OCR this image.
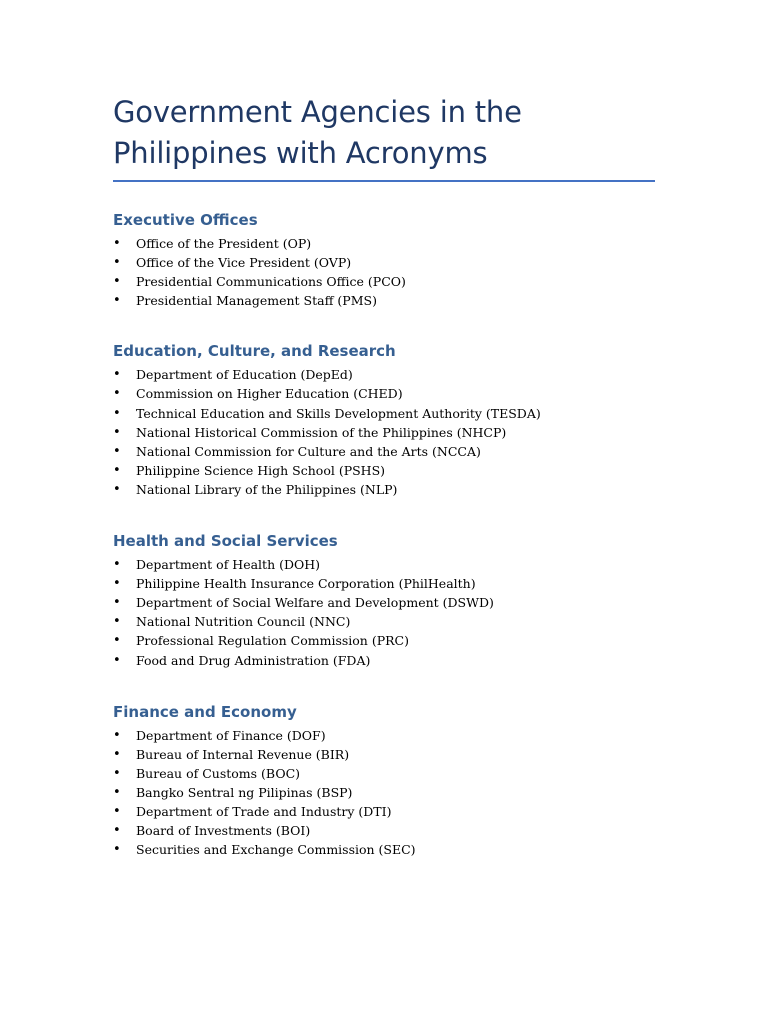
Government Agencies in the Philippines with Acronyms
Executive Offices
• Office of the President (OP)
• Office of the Vice President (OVP)
• Presidential Communications Office (PCO)
• Presidential Management Staff (PMS)
Education, Culture, and Research
• Department of Education (DepEd)
• Commission on Higher Education (CHED)
• Technical Education and Skills Development Authority (TESDA)
• National Historical Commission of the Philippines (NHCP)
• National Commission for Culture and the Arts (NCCA)
• Philippine Science High School (PSHS)
• National Library of the Philippines (NLP)
Health and Social Services
• Department of Health (DOH)
• Philippine Health Insurance Corporation (PhilHealth)
• Department of Social Welfare and Development (DSWD)
• National Nutrition Council (NNC)
• Professional Regulation Commission (PRC)
• Food and Drug Administration (FDA)
Finance and Economy
• Department of Finance (DOF)
• Bureau of Internal Revenue (BIR)
• Bureau of Customs (BOC)
• Bangko Sentral ng Pilipinas (BSP)
• Department of Trade and Industry (DTI)
• Board of Investments (BOI)
• Securities and Exchange Commission (SEC)
